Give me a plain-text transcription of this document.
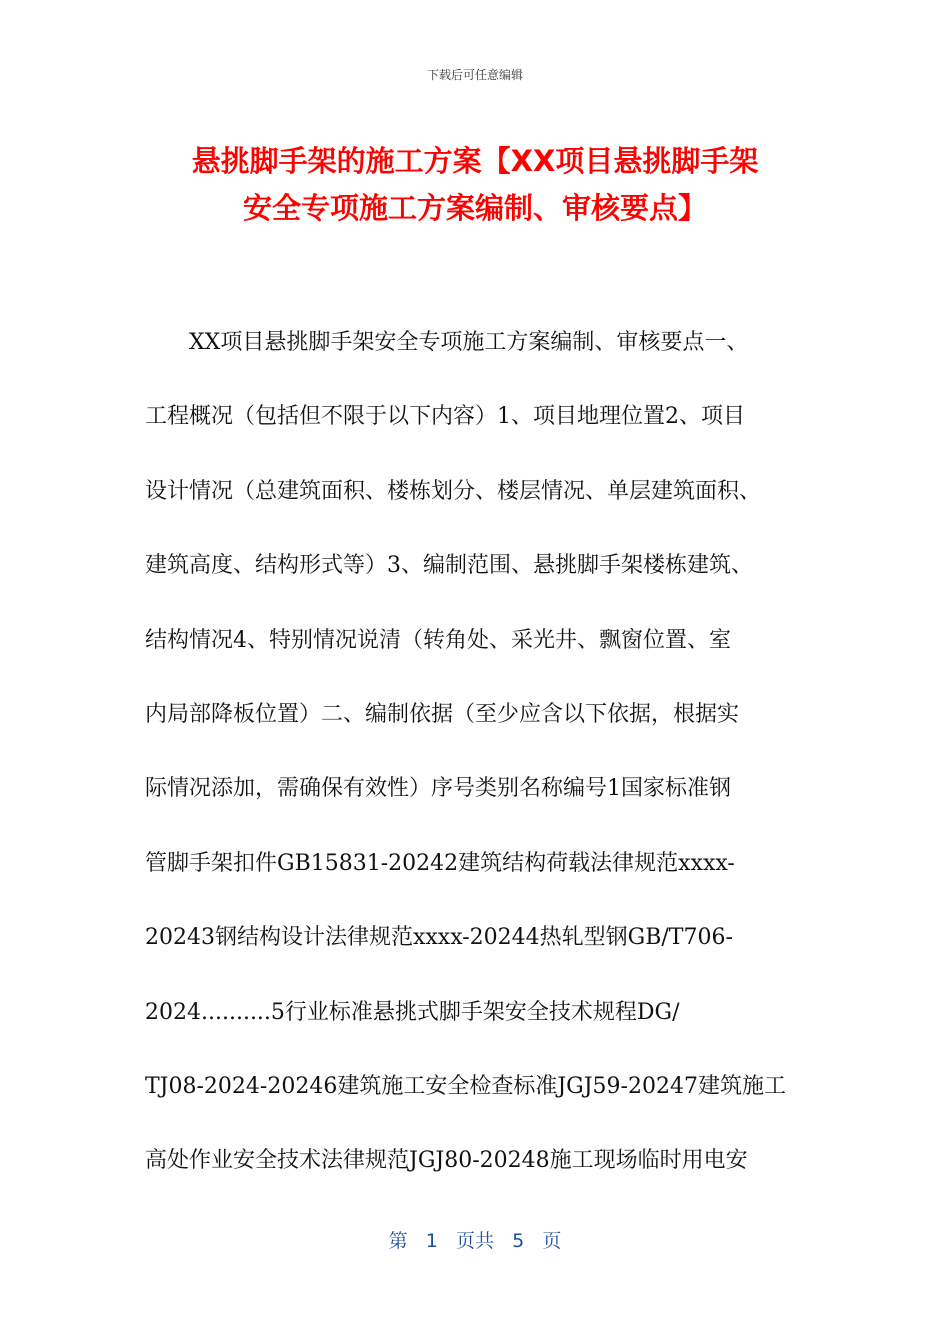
下载后可任意编辑
悬挑脚手架的施工方案【XX项目悬挑脚手架
安全专项施工方案编制、审核要点】
XX项目悬挑脚手架安全专项施工方案编制、审核要点一、
工程概况（包括但不限于以下内容）1、项目地理位置2、项目
设计情况（总建筑面积、楼栋划分、楼层情况、单层建筑面积、
建筑高度、结构形式等）3、编制范围、悬挑脚手架楼栋建筑、
结构情况4、特别情况说清（转角处、采光井、飘窗位置、室
内局部降板位置）二、编制依据（至少应含以下依据，根据实
际情况添加，需确保有效性）序号类别名称编号1国家标准钢
管脚手架扣件GB15831-20242建筑结构荷载法律规范xxxx-
20243钢结构设计法律规范xxxx-20244热轧型钢GB/T706-
2024..........5行业标准悬挑式脚手架安全技术规程DG/
TJ08-2024-20246建筑施工安全检查标准JGJ59-20247建筑施工
高处作业安全技术法律规范JGJ80-20248施工现场临时用电安
第 1 页共 5 页
